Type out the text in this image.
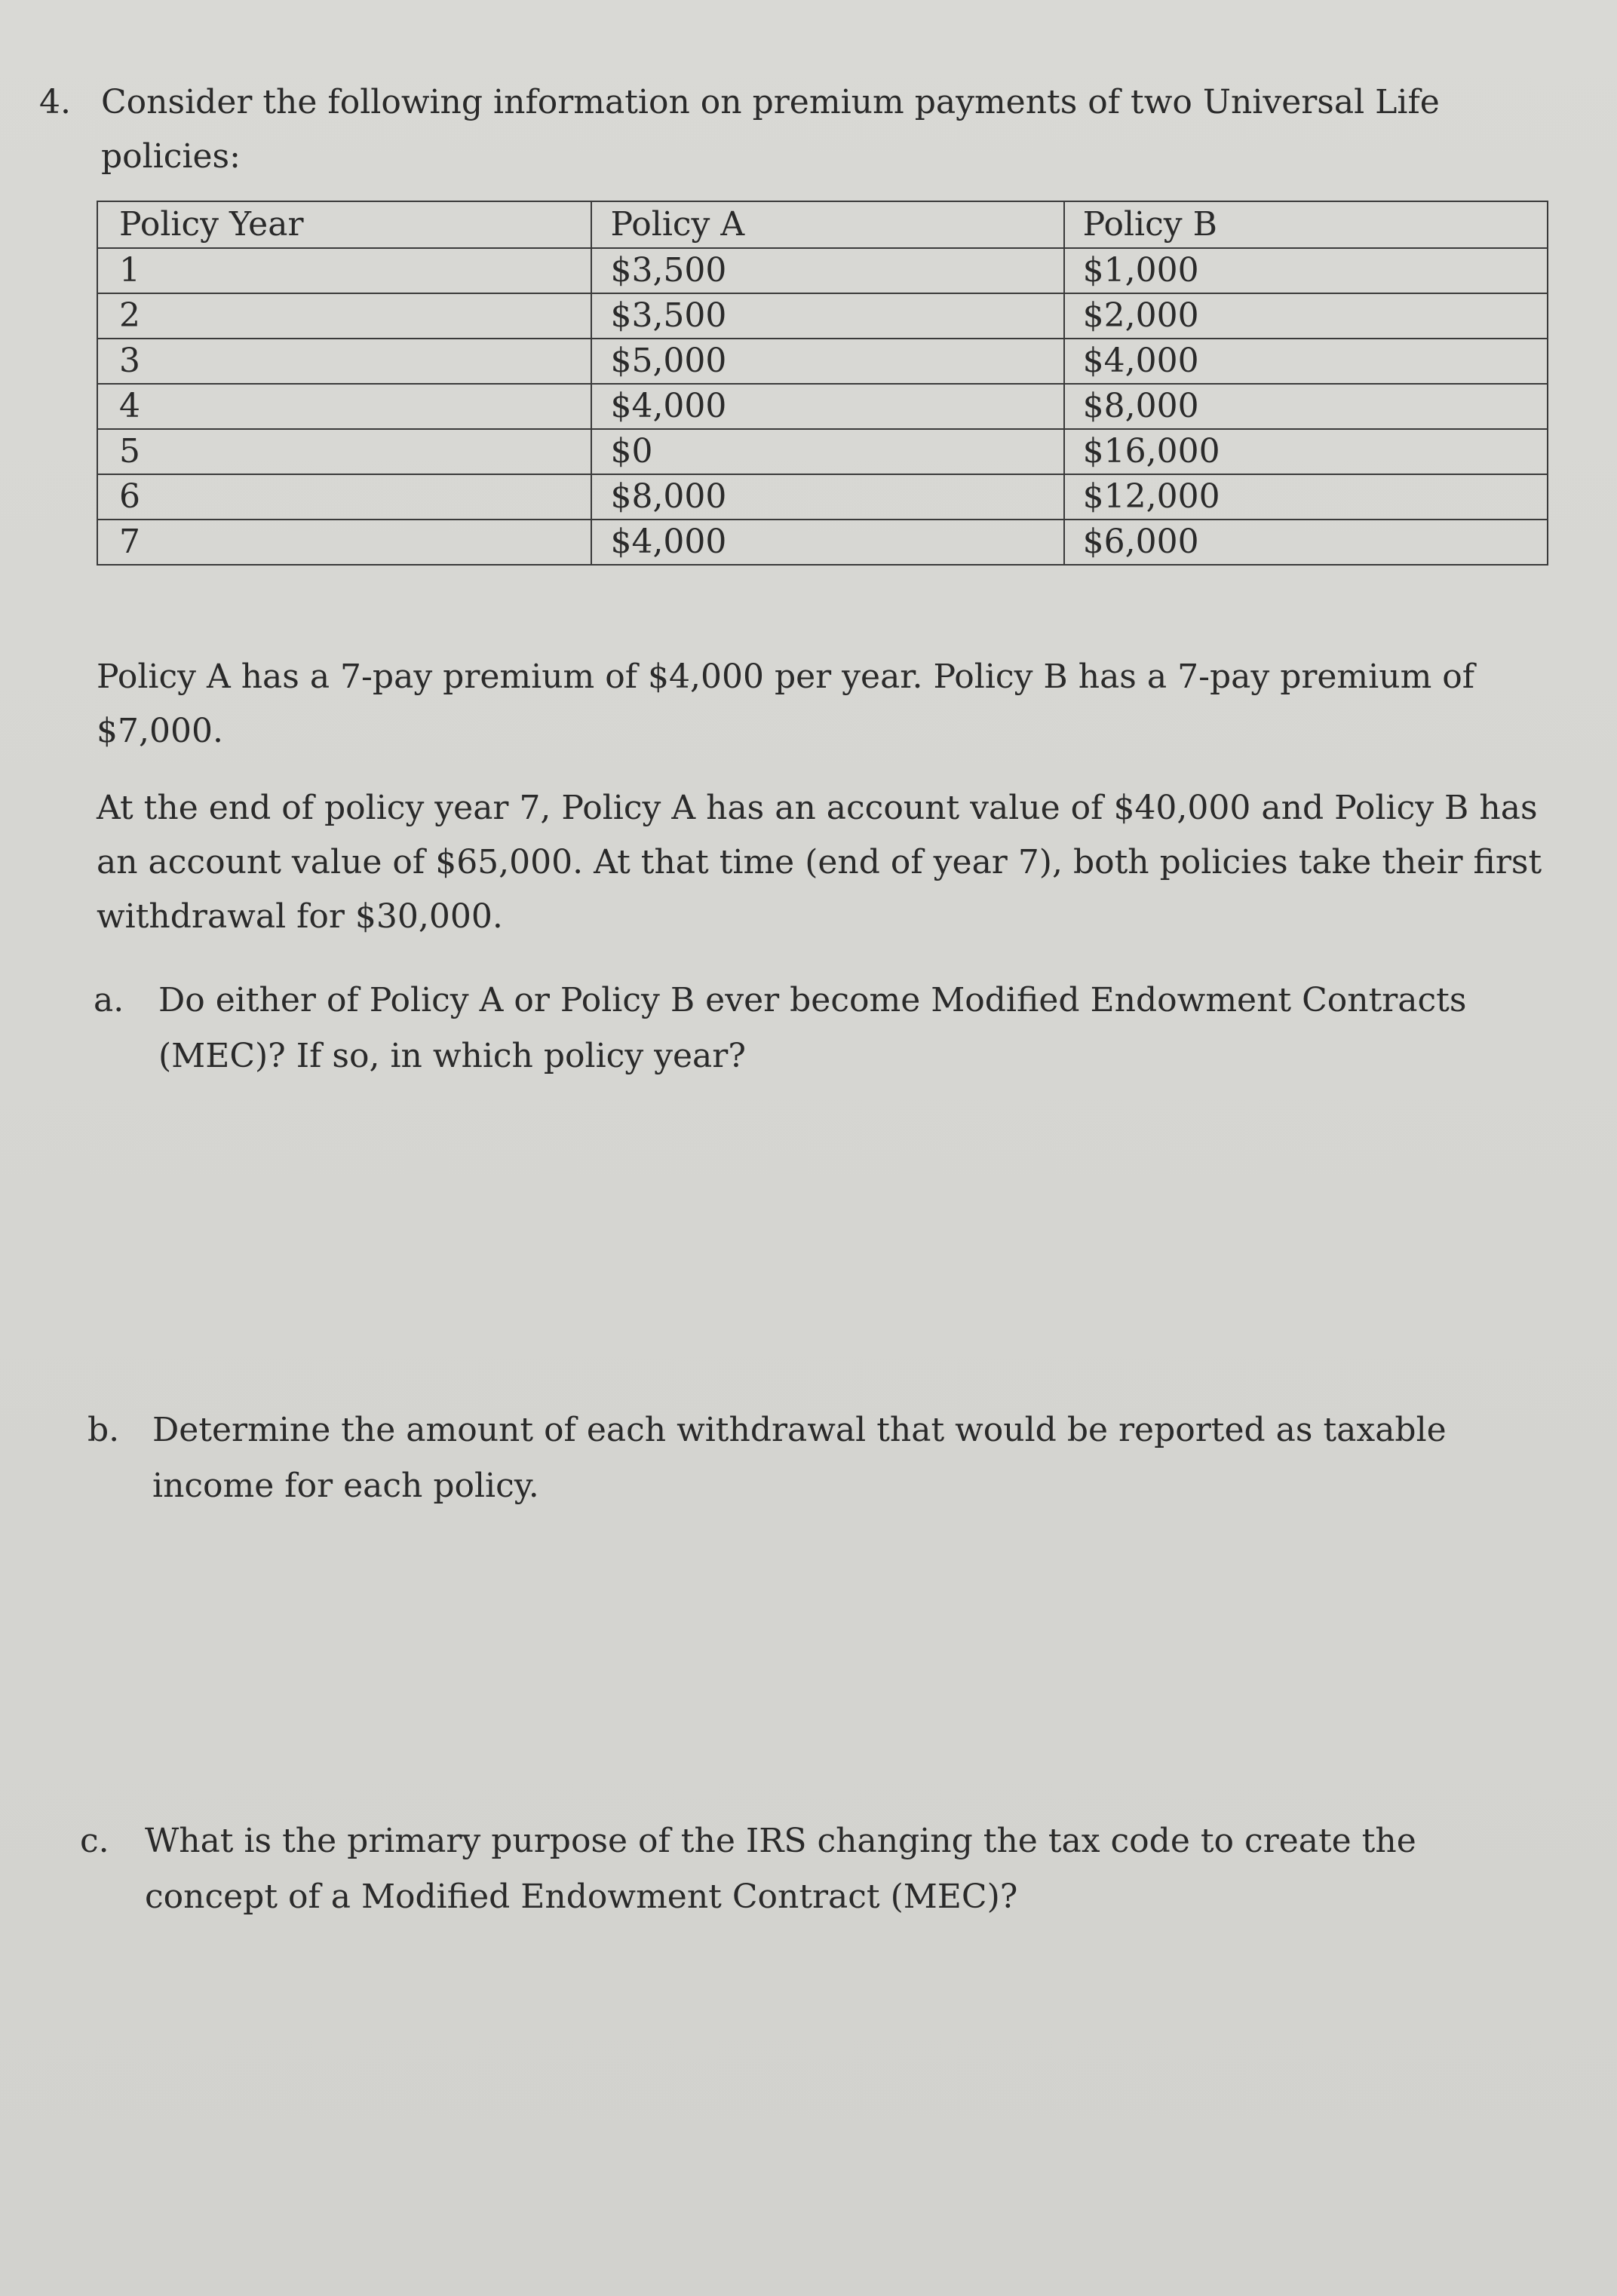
4. Consider the following information on premium payments of two Universal Life policies:
Policy Year	Policy A	Policy B
1	$3,500	$1,000
2	$3,500	$2,000
3	$5,000	$4,000
4	$4,000	$8,000
5	$0	$16,000
6	$8,000	$12,000
7	$4,000	$6,000
Policy A has a 7-pay premium of $4,000 per year. Policy B has a 7-pay premium of $7,000.
At the end of policy year 7, Policy A has an account value of $40,000 and Policy B has an account value of $65,000. At that time (end of year 7), both policies take their first withdrawal for $30,000.
a. Do either of Policy A or Policy B ever become Modified Endowment Contracts (MEC)? If so, in which policy year?
b. Determine the amount of each withdrawal that would be reported as taxable income for each policy.
c. What is the primary purpose of the IRS changing the tax code to create the concept of a Modified Endowment Contract (MEC)?
